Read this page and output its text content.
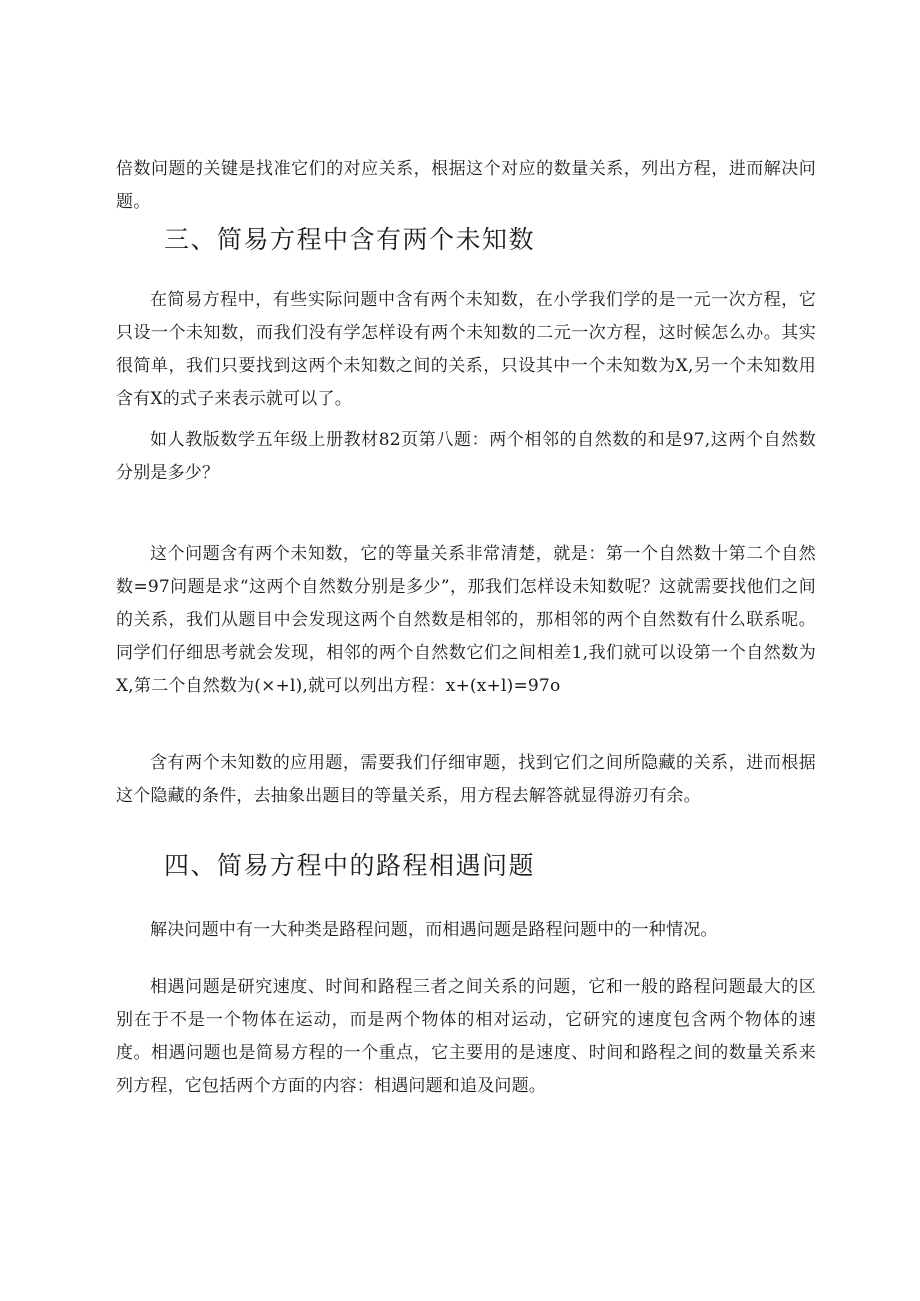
倍数问题的关键是找准它们的对应关系，根据这个对应的数量关系，列出方程，进而解决问题。

三、简易方程中含有两个未知数

在简易方程中，有些实际问题中含有两个未知数，在小学我们学的是一元一次方程，它只设一个未知数，而我们没有学怎样设有两个未知数的二元一次方程，这时候怎么办。其实很简单，我们只要找到这两个未知数之间的关系，只设其中一个未知数为X,另一个未知数用含有X的式子来表示就可以了。

如人教版数学五年级上册教材82页第八题：两个相邻的自然数的和是97,这两个自然数分别是多少？

这个问题含有两个未知数，它的等量关系非常清楚，就是：第一个自然数十第二个自然数=97问题是求“这两个自然数分别是多少”，那我们怎样设未知数呢？这就需要找他们之间的关系，我们从题目中会发现这两个自然数是相邻的，那相邻的两个自然数有什么联系呢。同学们仔细思考就会发现，相邻的两个自然数它们之间相差1,我们就可以设第一个自然数为X,第二个自然数为(×+l),就可以列出方程：x+(x+l)=97o

含有两个未知数的应用题，需要我们仔细审题，找到它们之间所隐藏的关系，进而根据这个隐藏的条件，去抽象出题目的等量关系，用方程去解答就显得游刃有余。

四、简易方程中的路程相遇问题

解决问题中有一大种类是路程问题，而相遇问题是路程问题中的一种情况。

相遇问题是研究速度、时间和路程三者之间关系的问题，它和一般的路程问题最大的区别在于不是一个物体在运动，而是两个物体的相对运动，它研究的速度包含两个物体的速度。相遇问题也是简易方程的一个重点，它主要用的是速度、时间和路程之间的数量关系来列方程，它包括两个方面的内容：相遇问题和追及问题。
